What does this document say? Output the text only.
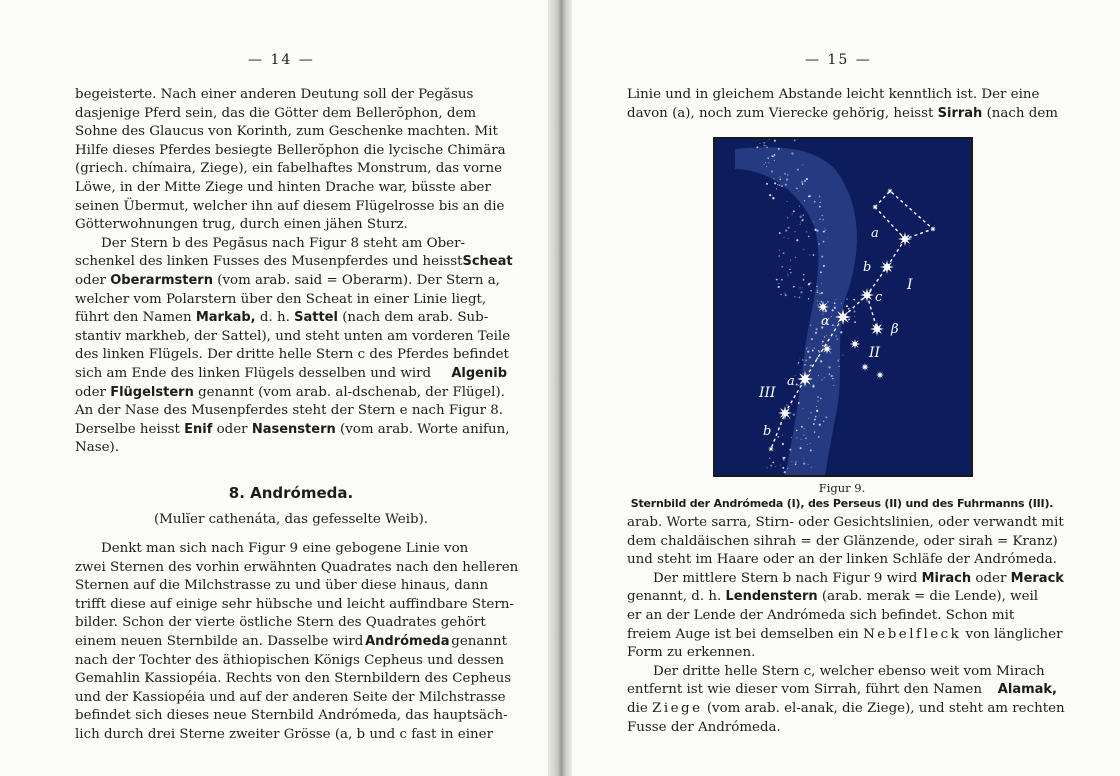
— 14 —
begeisterte. Nach einer anderen Deutung soll der Pegăsus
dasjenige Pferd sein, das die Götter dem Bellerŏphon, dem
Sohne des Glaucus von Korinth, zum Geschenke machten. Mit
Hilfe dieses Pferdes besiegte Bellerŏphon die lycische Chimära
(griech. chímaira, Ziege), ein fabelhaftes Monstrum, das vorne
Löwe, in der Mitte Ziege und hinten Drache war, büsste aber
seinen Übermut, welcher ihn auf diesem Flügelrosse bis an die
Götterwohnungen trug, durch einen jähen Sturz.
Der Stern b des Pegăsus nach Figur 8 steht am Ober-
schenkel des linken Fusses des Musenpferdes und heisst Scheat
oder Oberarmstern (vom arab. said = Oberarm). Der Stern a,
welcher vom Polarstern über den Scheat in einer Linie liegt,
führt den Namen Markab, d. h. Sattel (nach dem arab. Sub-
stantiv markheb, der Sattel), und steht unten am vorderen Teile
des linken Flügels. Der dritte helle Stern c des Pferdes befindet
sich am Ende des linken Flügels desselben und wird Algenib
oder Flügelstern genannt (vom arab. al-dschenab, der Flügel).
An der Nase des Musenpferdes steht der Stern e nach Figur 8.
Derselbe heisst Enif oder Nasenstern (vom arab. Worte anifun,
Nase).
8. Andrómeda.
(Mulĭer cathenáta, das gefesselte Weib).
Denkt man sich nach Figur 9 eine gebogene Linie von
zwei Sternen des vorhin erwähnten Quadrates nach den helleren
Sternen auf die Milchstrasse zu und über diese hinaus, dann
trifft diese auf einige sehr hübsche und leicht auffindbare Stern-
bilder. Schon der vierte östliche Stern des Quadrates gehört
einem neuen Sternbilde an. Dasselbe wird Andrómeda genannt
nach der Tochter des äthiopischen Königs Cepheus und dessen
Gemahlin Kassiopéia. Rechts von den Sternbildern des Cepheus
und der Kassiopéia und auf der anderen Seite der Milchstrasse
befindet sich dieses neue Sternbild Andrómeda, das hauptsäch-
lich durch drei Sterne zweiter Grösse (a, b und c fast in einer
— 15 —
Linie und in gleichem Abstande leicht kenntlich ist. Der eine
davon (a), noch zum Vierecke gehörig, heisst Sirrah (nach dem
a
b
c
α
β
a
b
I
II
III
Figur 9.
Sternbild der Andrómeda (I), des Perseus (II) und des Fuhrmanns (III).
arab. Worte sarra, Stirn- oder Gesichtslinien, oder verwandt mit
dem chaldäischen sihrah = der Glänzende, oder sirah = Kranz)
und steht im Haare oder an der linken Schläfe der Andrómeda.
Der mittlere Stern b nach Figur 9 wird Mirach oder Merack
genannt, d. h. Lendenstern (arab. merak = die Lende), weil
er an der Lende der Andrómeda sich befindet. Schon mit
freiem Auge ist bei demselben ein Nebelfleck von länglicher
Form zu erkennen.
Der dritte helle Stern c, welcher ebenso weit vom Mirach
entfernt ist wie dieser vom Sirrah, führt den Namen Alamak,
die Ziege (vom arab. el-anak, die Ziege), und steht am rechten
Fusse der Andrómeda.
